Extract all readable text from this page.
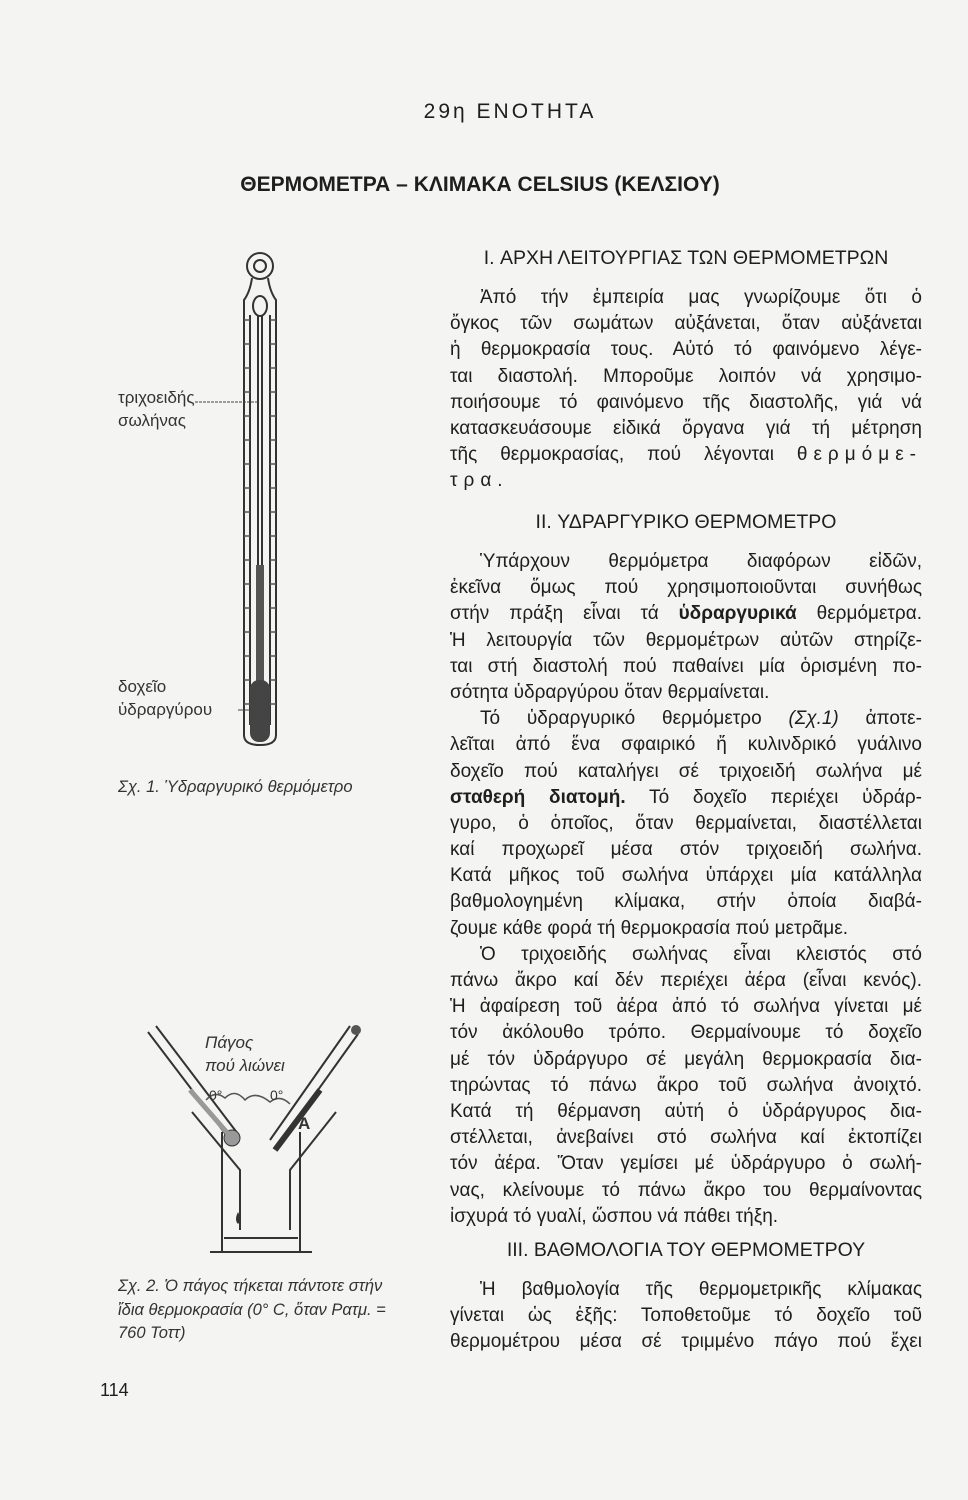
29η ΕΝΟΤΗΤΑ
ΘΕΡΜΟΜΕΤΡΑ – ΚΛΙΜΑΚΑ CELSIUS (ΚΕΛΣΙΟΥ)
τριχοειδής
σωλήνας
δοχεῖο
ὑδραργύρου
Σχ. 1. Ὑδραργυρικό θερμόμετρο
Πάγος
πού λιώνει
0°	0°
A
Σχ. 2. Ὁ πάγος τήκεται πάντοτε στήν
ἴδια θερμοκρασία (0° C, ὅταν Ρατμ. =
760 Τοττ)
I. ΑΡΧΗ ΛΕΙΤΟΥΡΓΙΑΣ ΤΩΝ ΘΕΡΜΟΜΕΤΡΩΝ
Ἀπό τήν ἐμπειρία μας γνωρίζουμε ὅτι ὁ
ὄγκος τῶν σωμάτων αὐξάνεται, ὅταν αὐξάνεται
ἡ θερμοκρασία τους. Αὐτό τό φαινόμενο λέγε-
ται διαστολή. Μποροῦμε λοιπόν νά χρησιμο-
ποιήσουμε τό φαινόμενο τῆς διαστολῆς, γιά νά
κατασκευάσουμε εἰδικά ὄργανα γιά τή μέτρηση
τῆς θερμοκρασίας, πού λέγονται θερμόμε-
τρα.
II. ΥΔΡΑΡΓΥΡΙΚΟ ΘΕΡΜΟΜΕΤΡΟ
Ὑπάρχουν θερμόμετρα διαφόρων εἰδῶν,
ἐκεῖνα ὅμως πού χρησιμοποιοῦνται συνήθως
στήν πράξη εἶναι τά ὑδραργυρικά θερμόμετρα.
Ἡ λειτουργία τῶν θερμομέτρων αὐτῶν στηρίζε-
ται στή διαστολή πού παθαίνει μία ὁρισμένη πο-
σότητα ὑδραργύρου ὅταν θερμαίνεται.
Τό ὑδραργυρικό θερμόμετρο (Σχ.1) ἀποτε-
λεῖται ἀπό ἕνα σφαιρικό ἤ κυλινδρικό γυάλινο
δοχεῖο πού καταλήγει σέ τριχοειδή σωλήνα μέ
σταθερή διατομή. Τό δοχεῖο περιέχει ὑδράρ-
γυρο, ὁ ὁποῖος, ὅταν θερμαίνεται, διαστέλλεται
καί προχωρεῖ μέσα στόν τριχοειδή σωλήνα.
Κατά μῆκος τοῦ σωλήνα ὑπάρχει μία κατάλληλα
βαθμολογημένη κλίμακα, στήν ὁποία διαβά-
ζουμε κάθε φορά τή θερμοκρασία πού μετρᾶμε.
Ὁ τριχοειδής σωλήνας εἶναι κλειστός στό
πάνω ἄκρο καί δέν περιέχει ἀέρα (εἶναι κενός).
Ἡ ἀφαίρεση τοῦ ἀέρα ἀπό τό σωλήνα γίνεται μέ
τόν ἀκόλουθο τρόπο. Θερμαίνουμε τό δοχεῖο
μέ τόν ὑδράργυρο σέ μεγάλη θερμοκρασία δια-
τηρώντας τό πάνω ἄκρο τοῦ σωλήνα ἀνοιχτό.
Κατά τή θέρμανση αὐτή ὁ ὑδράργυρος δια-
στέλλεται, ἀνεβαίνει στό σωλήνα καί ἐκτοπίζει
τόν ἀέρα. Ὅταν γεμίσει μέ ὑδράργυρο ὁ σωλή-
νας, κλείνουμε τό πάνω ἄκρο του θερμαίνοντας
ἰσχυρά τό γυαλί, ὥσπου νά πάθει τήξη.
III. ΒΑΘΜΟΛΟΓΙΑ ΤΟΥ ΘΕΡΜΟΜΕΤΡΟΥ
Ἡ βαθμολογία τῆς θερμομετρικῆς κλίμακας
γίνεται ὡς ἑξῆς: Τοποθετοῦμε τό δοχεῖο τοῦ
θερμομέτρου μέσα σέ τριμμένο πάγο πού ἔχει
114
